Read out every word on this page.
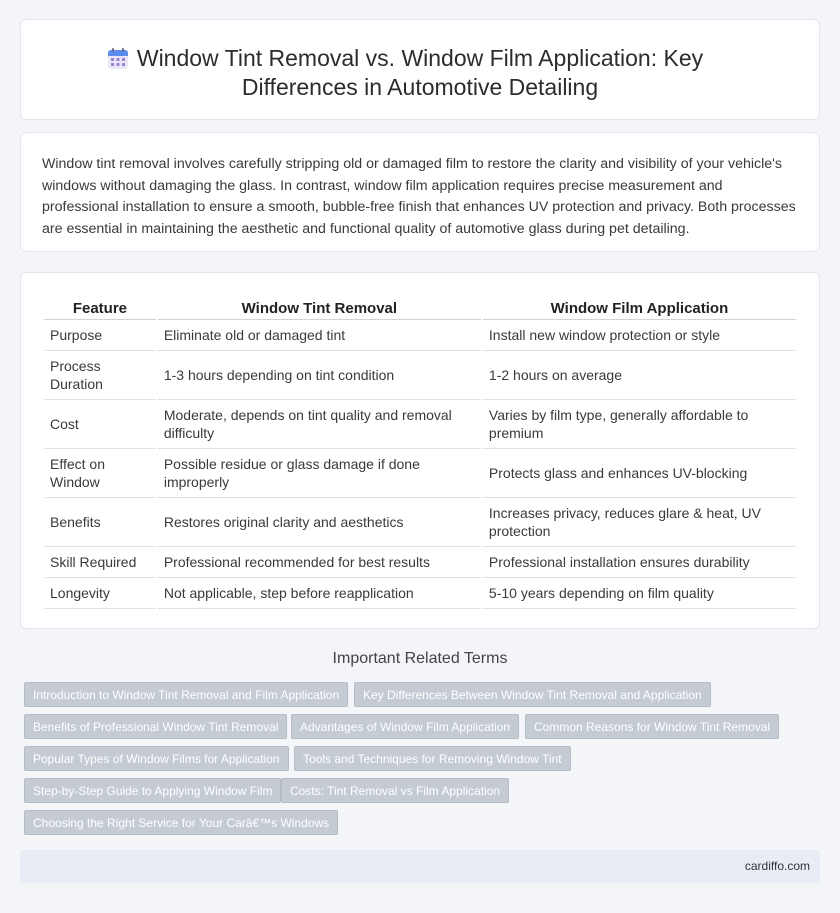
Window Tint Removal vs. Window Film Application: Key Differences in Automotive Detailing

Window tint removal involves carefully stripping old or damaged film to restore the clarity and visibility of your vehicle's windows without damaging the glass. In contrast, window film application requires precise measurement and professional installation to ensure a smooth, bubble-free finish that enhances UV protection and privacy. Both processes are essential in maintaining the aesthetic and functional quality of automotive glass during pet detailing.

Feature	Window Tint Removal	Window Film Application
Purpose	Eliminate old or damaged tint	Install new window protection or style
Process Duration	1-3 hours depending on tint condition	1-2 hours on average
Cost	Moderate, depends on tint quality and removal difficulty	Varies by film type, generally affordable to premium
Effect on Window	Possible residue or glass damage if done improperly	Protects glass and enhances UV-blocking
Benefits	Restores original clarity and aesthetics	Increases privacy, reduces glare & heat, UV protection
Skill Required	Professional recommended for best results	Professional installation ensures durability
Longevity	Not applicable, step before reapplication	5-10 years depending on film quality
Important Related Terms
Introduction to Window Tint Removal and Film Application	Key Differences Between Window Tint Removal and Application
Benefits of Professional Window Tint Removal	Advantages of Window Film Application	Common Reasons for Window Tint Removal
Popular Types of Window Films for Application	Tools and Techniques for Removing Window Tint
Step-by-Step Guide to Applying Window Film	Costs: Tint Removal vs Film Application
Choosing the Right Service for Your Carâ€™s Windows
cardiffo.com
